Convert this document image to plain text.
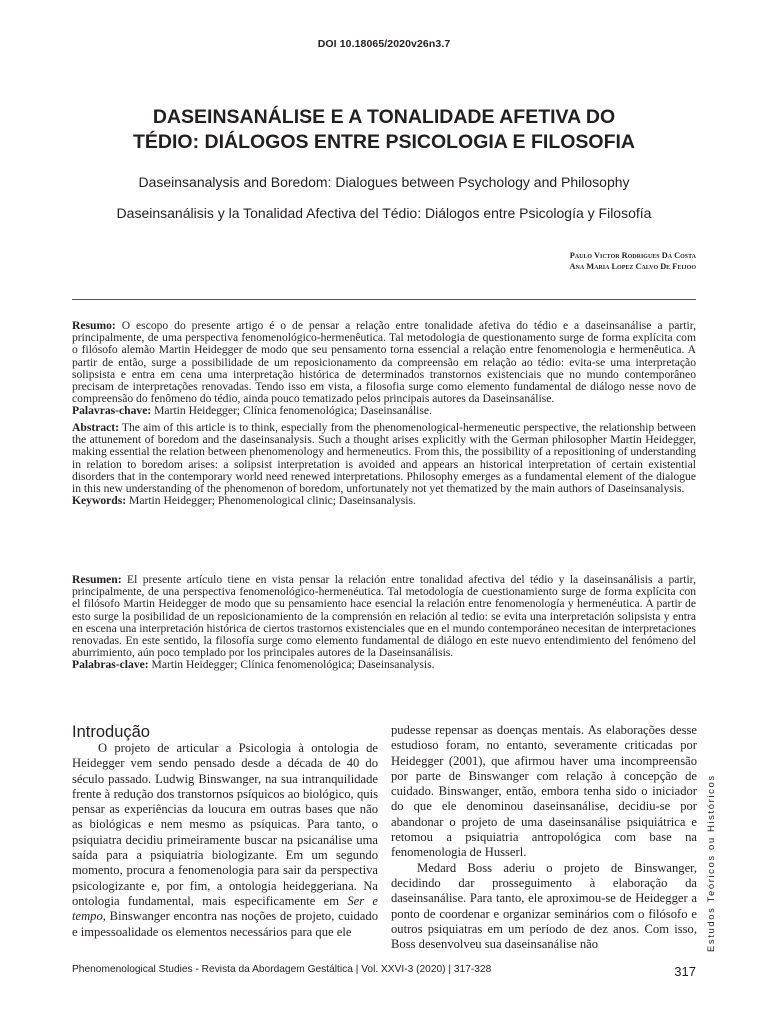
DOI 10.18065/2020v26n3.7
DASEINSANÁLISE E A TONALIDADE AFETIVA DO
TÉDIO: DIÁLOGOS ENTRE PSICOLOGIA E FILOSOFIA
Daseinsanalysis and Boredom: Dialogues between Psychology and Philosophy
Daseinsanálisis y la Tonalidad Afectiva del Tédio: Diálogos entre Psicología y Filosofía
Paulo Victor Rodrigues Da Costa
Ana Maria Lopez Calvo De Feijoo
Resumo: O escopo do presente artigo é o de pensar a relação entre tonalidade afetiva do tédio e a daseinsanálise a partir, principalmente, de uma perspectiva fenomenológico-hermenêutica. Tal metodologia de questionamento surge de forma explícita com o filósofo alemão Martin Heidegger de modo que seu pensamento torna essencial a relação entre fenomenologia e hermenêutica. A partir de então, surge a possibilidade de um reposicionamento da compreensão em relação ao tédio: evita-se uma interpretação solipsista e entra em cena uma interpretação histórica de determinados transtornos existenciais que no mundo contemporâneo precisam de interpretações renovadas. Tendo isso em vista, a filosofia surge como elemento fundamental de diálogo nesse novo de compreensão do fenômeno do tédio, ainda pouco tematizado pelos principais autores da Daseinsanálise.
Palavras-chave: Martin Heidegger; Clínica fenomenológica; Daseinsanálise.
Abstract: The aim of this article is to think, especially from the phenomenological-hermeneutic perspective, the relationship between the attunement of boredom and the daseinsanalysis. Such a thought arises explicitly with the German philosopher Martin Heidegger, making essential the relation between phenomenology and hermeneutics. From this, the possibility of a repositioning of understanding in relation to boredom arises: a solipsist interpretation is avoided and appears an historical interpretation of certain existential disorders that in the contemporary world need renewed interpretations. Philosophy emerges as a fundamental element of the dialogue in this new understanding of the phenomenon of boredom, unfortunately not yet thematized by the main authors of Daseinsanalysis.
Keywords: Martin Heidegger; Phenomenological clinic; Daseinsanalysis.
Resumen: El presente artículo tiene en vista pensar la relación entre tonalidad afectiva del tédio y la daseinsanálisis a partir, principalmente, de una perspectiva fenomenológico-hermenéutica. Tal metodología de cuestionamiento surge de forma explícita con el filósofo Martin Heidegger de modo que su pensamiento hace esencial la relación entre fenomenología y hermenéutica. A partir de esto surge la posibilidad de un reposicionamiento de la comprensión en relación al tedio: se evita una interpretación solipsista y entra en escena una interpretación histórica de ciertos trastornos existenciales que en el mundo contemporáneo necesitan de interpretaciones renovadas. En este sentido, la filosofía surge como elemento fundamental de diálogo en este nuevo entendimiento del fenómeno del aburrimiento, aún poco templado por los principales autores de la Daseinsanálisis.
Palabras-clave: Martin Heidegger; Clínica fenomenológica; Daseinsanalysis.
Introdução

O projeto de articular a Psicologia à ontologia de Heidegger vem sendo pensado desde a década de 40 do século passado. Ludwig Binswanger, na sua intranquilidade frente à redução dos transtornos psíquicos ao biológico, quis pensar as experiências da loucura em outras bases que não as biológicas e nem mesmo as psíquicas. Para tanto, o psiquiatra decidiu primeiramente buscar na psicanálise uma saída para a psiquiatria biologizante. Em um segundo momento, procura a fenomenologia para sair da perspectiva psicologizante e, por fim, a ontologia heideggeriana. Na ontologia fundamental, mais especificamente em Ser e tempo, Binswanger encontra nas noções de projeto, cuidado e impessoalidade os elementos necessários para que ele

pudesse repensar as doenças mentais. As elaborações desse estudioso foram, no entanto, severamente criticadas por Heidegger (2001), que afirmou haver uma incompreensão por parte de Binswanger com relação à concepção de cuidado. Binswanger, então, embora tenha sido o iniciador do que ele denominou daseinsanálise, decidiu-se por abandonar o projeto de uma daseinsanálise psiquiátrica e retomou a psiquiatria antropológica com base na fenomenologia de Husserl.

Medard Boss aderiu o projeto de Binswanger, decidindo dar prosseguimento à elaboração da daseinsanálise. Para tanto, ele aproximou-se de Heidegger a ponto de coordenar e organizar seminários com o filósofo e outros psiquiatras em um período de dez anos. Com isso, Boss desenvolveu sua daseinsanálise não	Estudos Teóricos ou Históricos
Phenomenological Studies - Revista da Abordagem Gestáltica | Vol. XXVI-3 (2020) | 317-328	317
